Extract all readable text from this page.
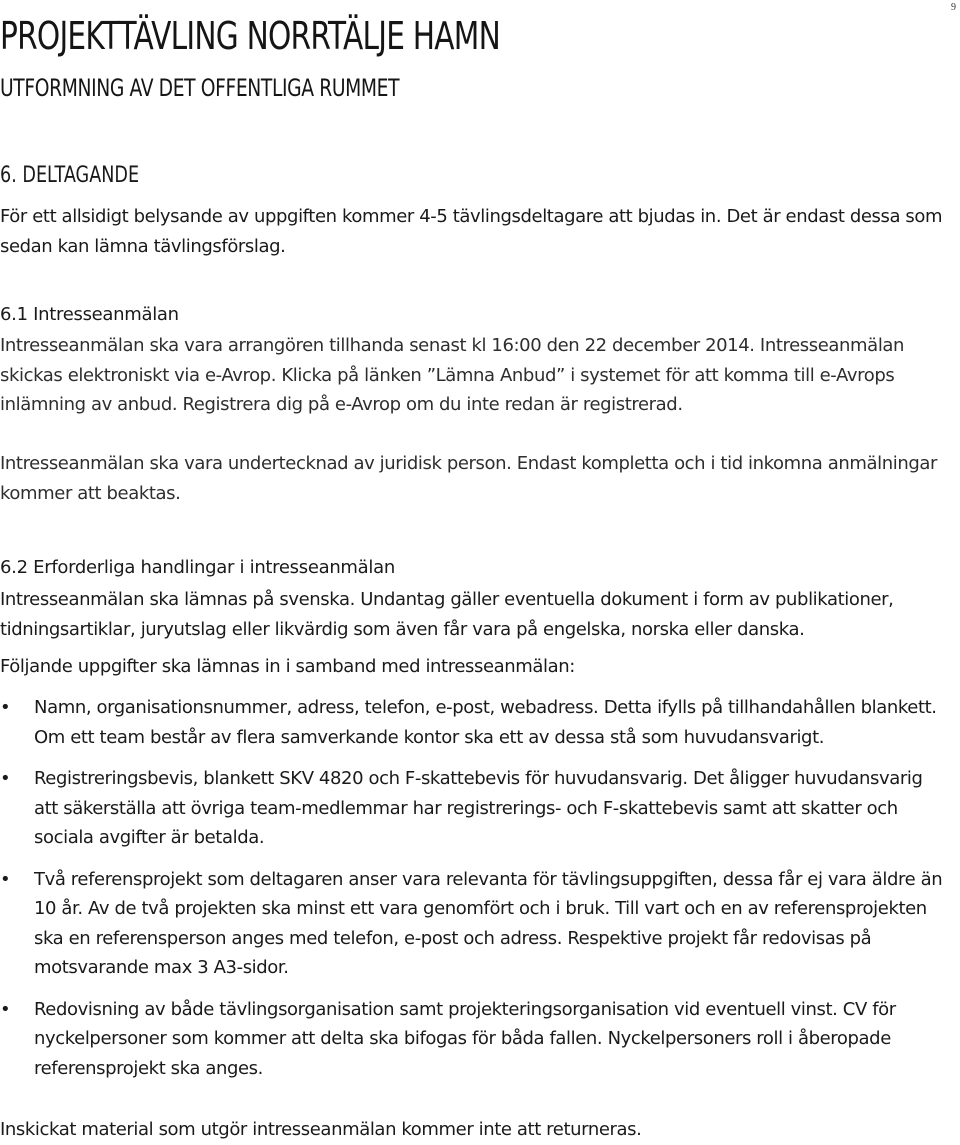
9
PROJEKTTÄVLING NORRTÄLJE HAMN
UTFORMNING AV DET OFFENTLIGA RUMMET
6. DELTAGANDE

För ett allsidigt belysande av uppgiften kommer 4-5 tävlingsdeltagare att bjudas in. Det är endast dessa som sedan kan lämna tävlingsförslag.

6.1 Intresseanmälan

Intresseanmälan ska vara arrangören tillhanda senast kl 16:00 den 22 december 2014. Intresseanmälan skickas elektroniskt via e-Avrop. Klicka på länken ”Lämna Anbud” i systemet för att komma till e-Avrops inlämning av anbud. Registrera dig på e-Avrop om du inte redan är registrerad.

Intresseanmälan ska vara undertecknad av juridisk person. Endast kompletta och i tid inkomna anmälningar kommer att beaktas.

6.2 Erforderliga handlingar i intresseanmälan

Intresseanmälan ska lämnas på svenska. Undantag gäller eventuella dokument i form av publikationer, tidningsartiklar, juryutslag eller likvärdig som även får vara på engelska, norska eller danska.

Följande uppgifter ska lämnas in i samband med intresseanmälan:

• Namn, organisationsnummer, adress, telefon, e-post, webadress. Detta ifylls på tillhandahållen blankett. Om ett team består av flera samverkande kontor ska ett av dessa stå som huvudansvarigt.
• Registreringsbevis, blankett SKV 4820 och F-skattebevis för huvudansvarig. Det åligger huvudansvarig att säkerställa att övriga team-medlemmar har registrerings- och F-skattebevis samt att skatter och sociala avgifter är betalda.
• Två referensprojekt som deltagaren anser vara relevanta för tävlingsuppgiften, dessa får ej vara äldre än 10 år. Av de två projekten ska minst ett vara genomfört och i bruk. Till vart och en av referensprojekten ska en referensperson anges med telefon, e-post och adress. Respektive projekt får redovisas på motsvarande max 3 A3-sidor.
• Redovisning av både tävlingsorganisation samt projekteringsorganisation vid eventuell vinst. CV för nyckelpersoner som kommer att delta ska bifogas för båda fallen. Nyckelpersoners roll i åberopade referensprojekt ska anges.

Inskickat material som utgör intresseanmälan kommer inte att returneras.
